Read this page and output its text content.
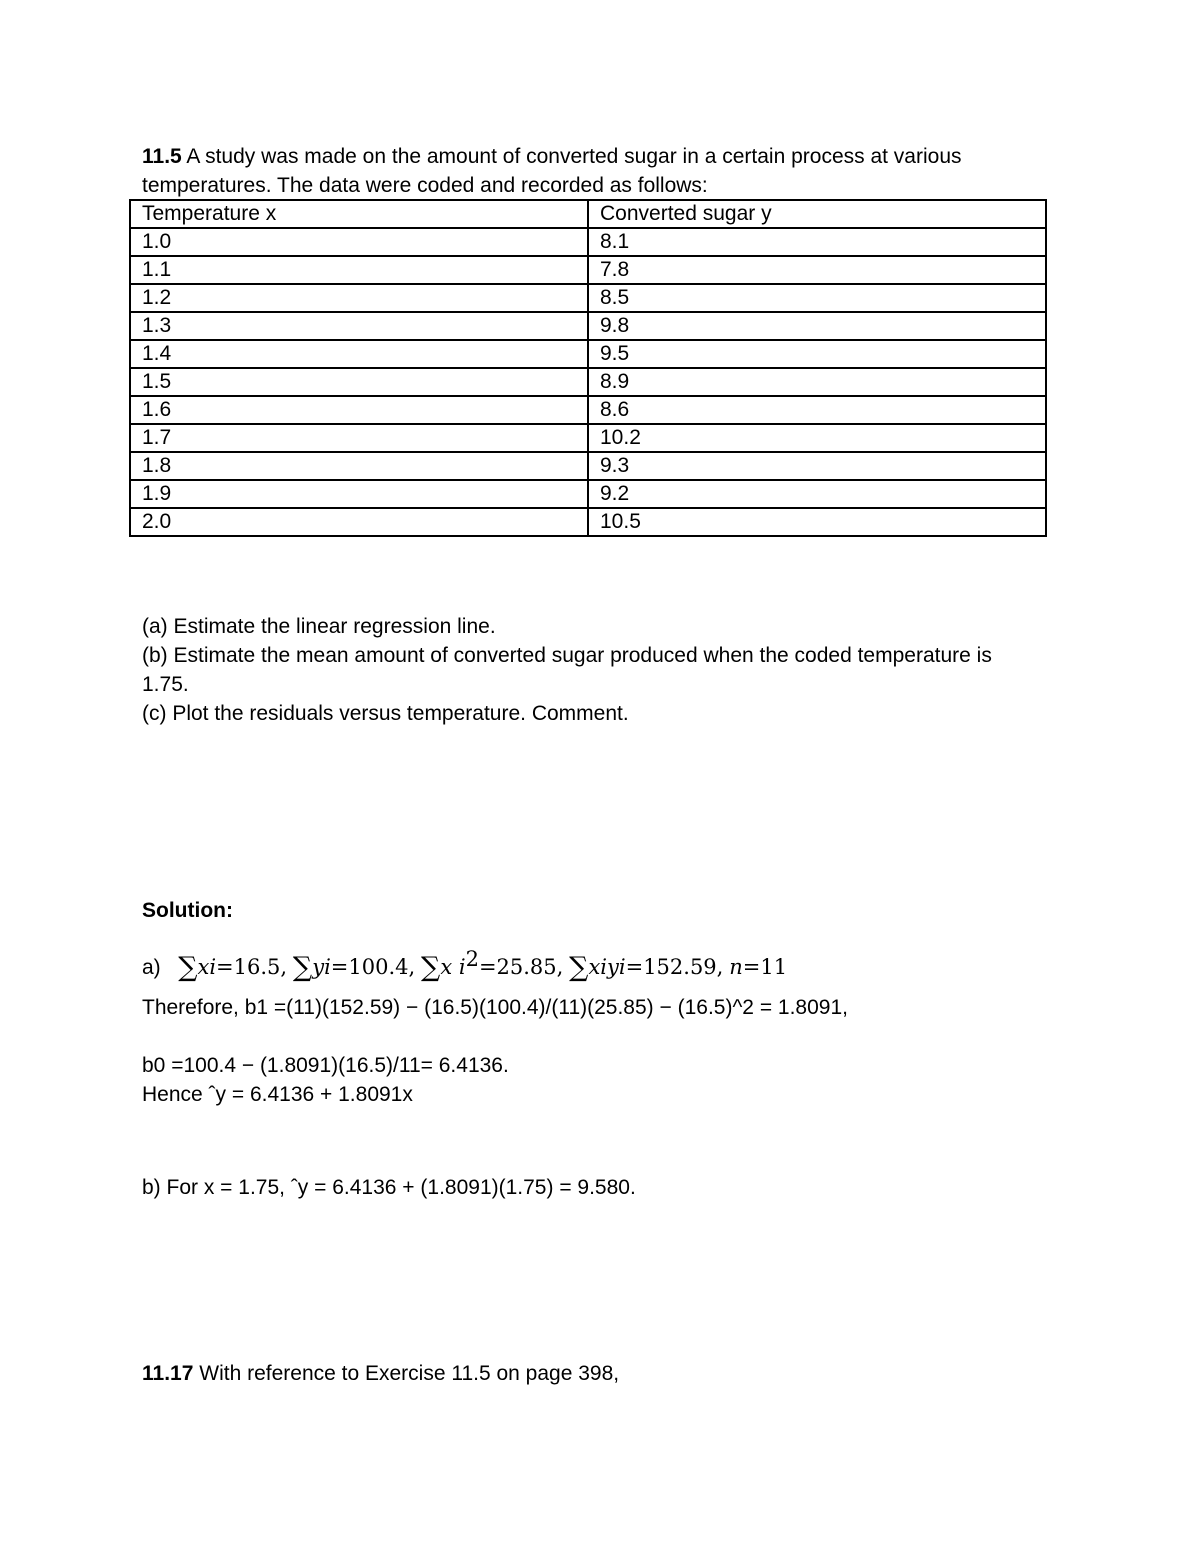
11.5 A study was made on the amount of converted sugar in a certain process at various
temperatures. The data were coded and recorded as follows:
Temperature x	Converted sugar y
1.0	8.1
1.1	7.8
1.2	8.5
1.3	9.8
1.4	9.5
1.5	8.9
1.6	8.6
1.7	10.2
1.8	9.3
1.9	9.2
2.0	10.5
(a) Estimate the linear regression line.
(b) Estimate the mean amount of converted sugar produced when the coded temperature is
1.75.
(c) Plot the residuals versus temperature. Comment.
Solution:
a) ∑xi=16.5, ∑yi=100.4, ∑x $i^2=25.85$, ∑xiyi=152.59, n=11
Therefore, b1 =(11)(152.59) − (16.5)(100.4)/(11)(25.85) − (16.5)^2 = 1.8091,
b0 =100.4 − (1.8091)(16.5)/11= 6.4136.
Hence ˆy = 6.4136 + 1.8091x
b) For x = 1.75, ˆy = 6.4136 + (1.8091)(1.75) = 9.580.
11.17 With reference to Exercise 11.5 on page 398,
